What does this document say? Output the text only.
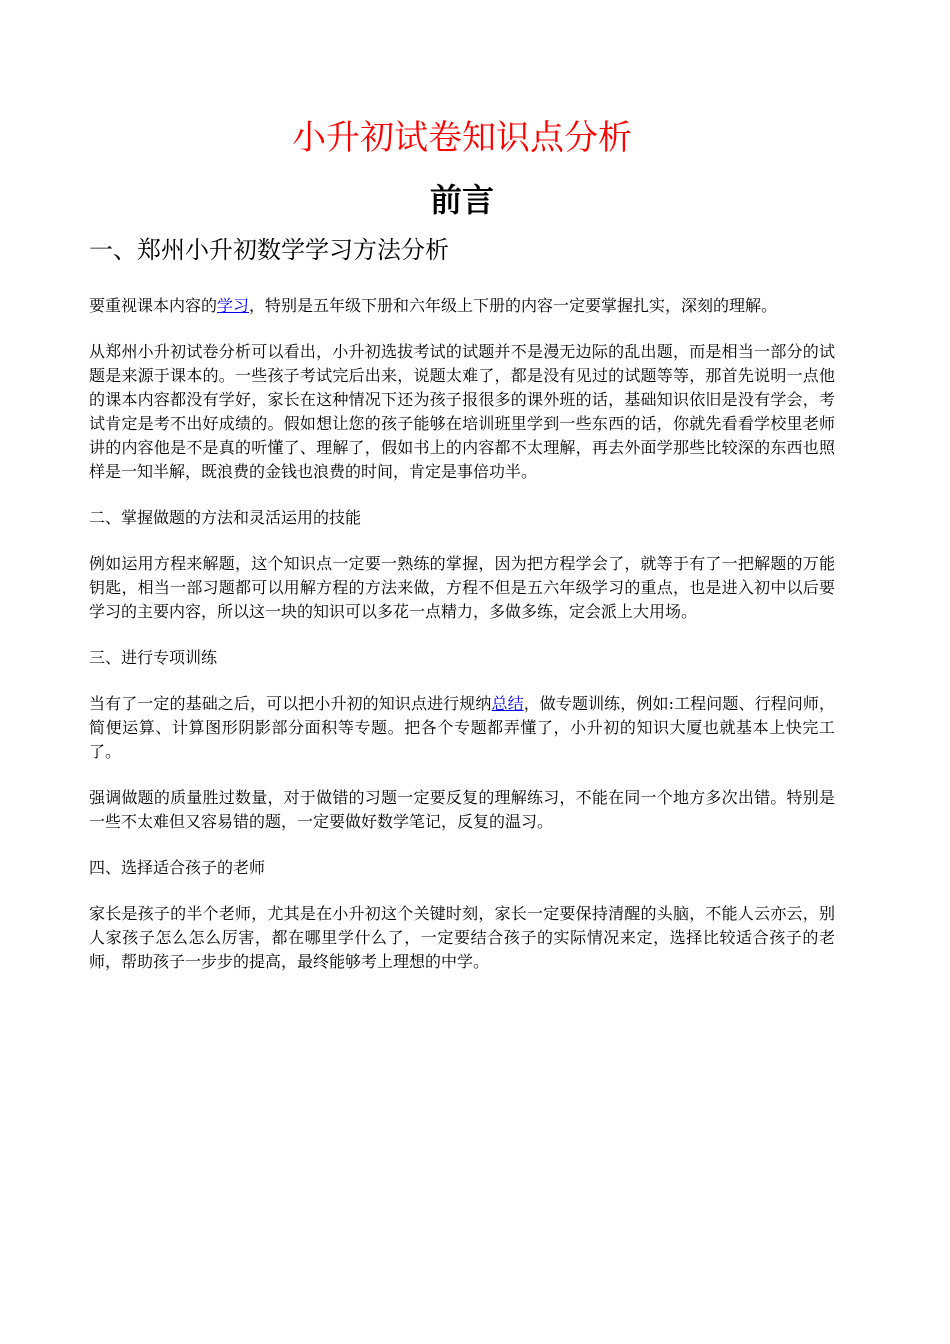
小升初试卷知识点分析
前言
一、郑州小升初数学学习方法分析

要重视课本内容的学习，特别是五年级下册和六年级上下册的内容一定要掌握扎实，深刻的理解。

从郑州小升初试卷分析可以看出，小升初选拔考试的试题并不是漫无边际的乱出题，而是相当一部分的试题是来源于课本的。一些孩子考试完后出来，说题太难了，都是没有见过的试题等等，那首先说明一点他的课本内容都没有学好，家长在这种情况下还为孩子报很多的课外班的话，基础知识依旧是没有学会，考试肯定是考不出好成绩的。假如想让您的孩子能够在培训班里学到一些东西的话，你就先看看学校里老师讲的内容他是不是真的听懂了、理解了，假如书上的内容都不太理解，再去外面学那些比较深的东西也照样是一知半解，既浪费的金钱也浪费的时间，肯定是事倍功半。

二、掌握做题的方法和灵活运用的技能

例如运用方程来解题，这个知识点一定要一熟练的掌握，因为把方程学会了，就等于有了一把解题的万能钥匙，相当一部习题都可以用解方程的方法来做，方程不但是五六年级学习的重点，也是进入初中以后要学习的主要内容，所以这一块的知识可以多花一点精力，多做多练，定会派上大用场。

三、进行专项训练

当有了一定的基础之后，可以把小升初的知识点进行规纳总结，做专题训练，例如:工程问题、行程问师，简便运算、计算图形阴影部分面积等专题。把各个专题都弄懂了，小升初的知识大厦也就基本上快完工了。

强调做题的质量胜过数量，对于做错的习题一定要反复的理解练习，不能在同一个地方多次出错。特别是一些不太难但又容易错的题，一定要做好数学笔记，反复的温习。

四、选择适合孩子的老师

家长是孩子的半个老师，尤其是在小升初这个关键时刻，家长一定要保持清醒的头脑，不能人云亦云，别人家孩子怎么怎么厉害，都在哪里学什么了，一定要结合孩子的实际情况来定，选择比较适合孩子的老师，帮助孩子一步步的提高，最终能够考上理想的中学。
